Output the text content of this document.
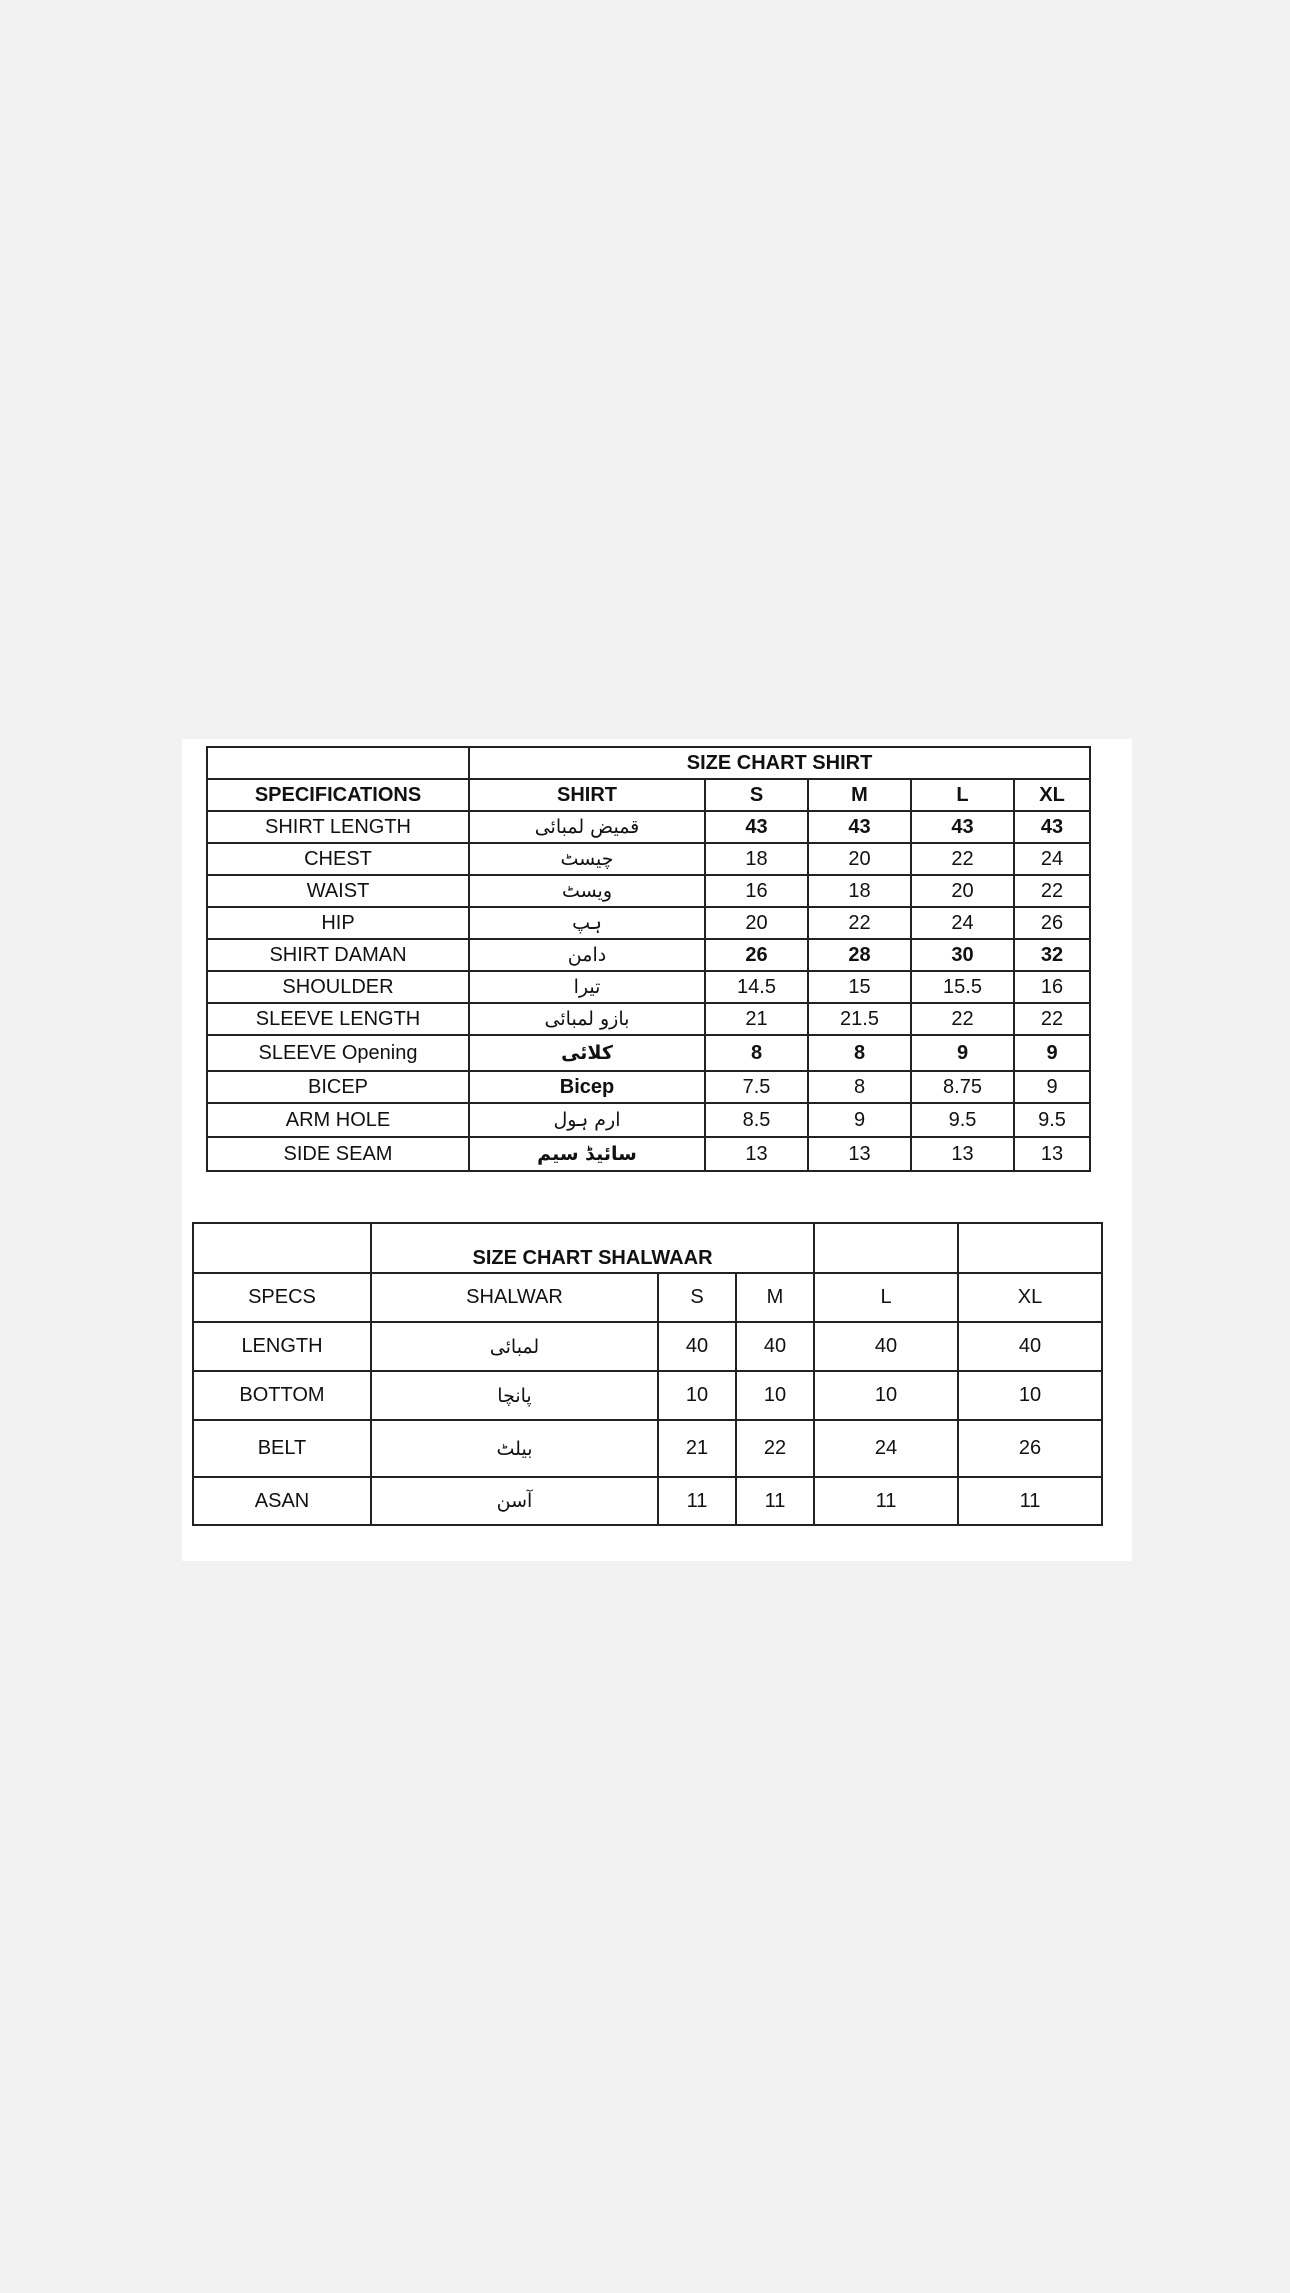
	SIZE CHART SHIRT				
SPECIFICATIONS	SHIRT	S	M	L	XL
SHIRT LENGTH	قمیض لمبائی	43	43	43	43
CHEST	چیسٹ	18	20	22	24
WAIST	ویسٹ	16	18	20	22
HIP	ہپ	20	22	24	26
SHIRT DAMAN	دامن	26	28	30	32
SHOULDER	تیرا	14.5	15	15.5	16
SLEEVE LENGTH	بازو لمبائی	21	21.5	22	22
SLEEVE Opening	کلائی	8	8	9	9
BICEP	Bicep	7.5	8	8.75	9
ARM HOLE	ارم ہول	8.5	9	9.5	9.5
SIDE SEAM	سائیڈ سیم	13	13	13	13
	SIZE CHART SHALWAAR				
SPECS	SHALWAR	S	M	L	XL
LENGTH	لمبائی	40	40	40	40
BOTTOM	پانچا	10	10	10	10
BELT	بیلٹ	21	22	24	26
ASAN	آسن	11	11	11	11
